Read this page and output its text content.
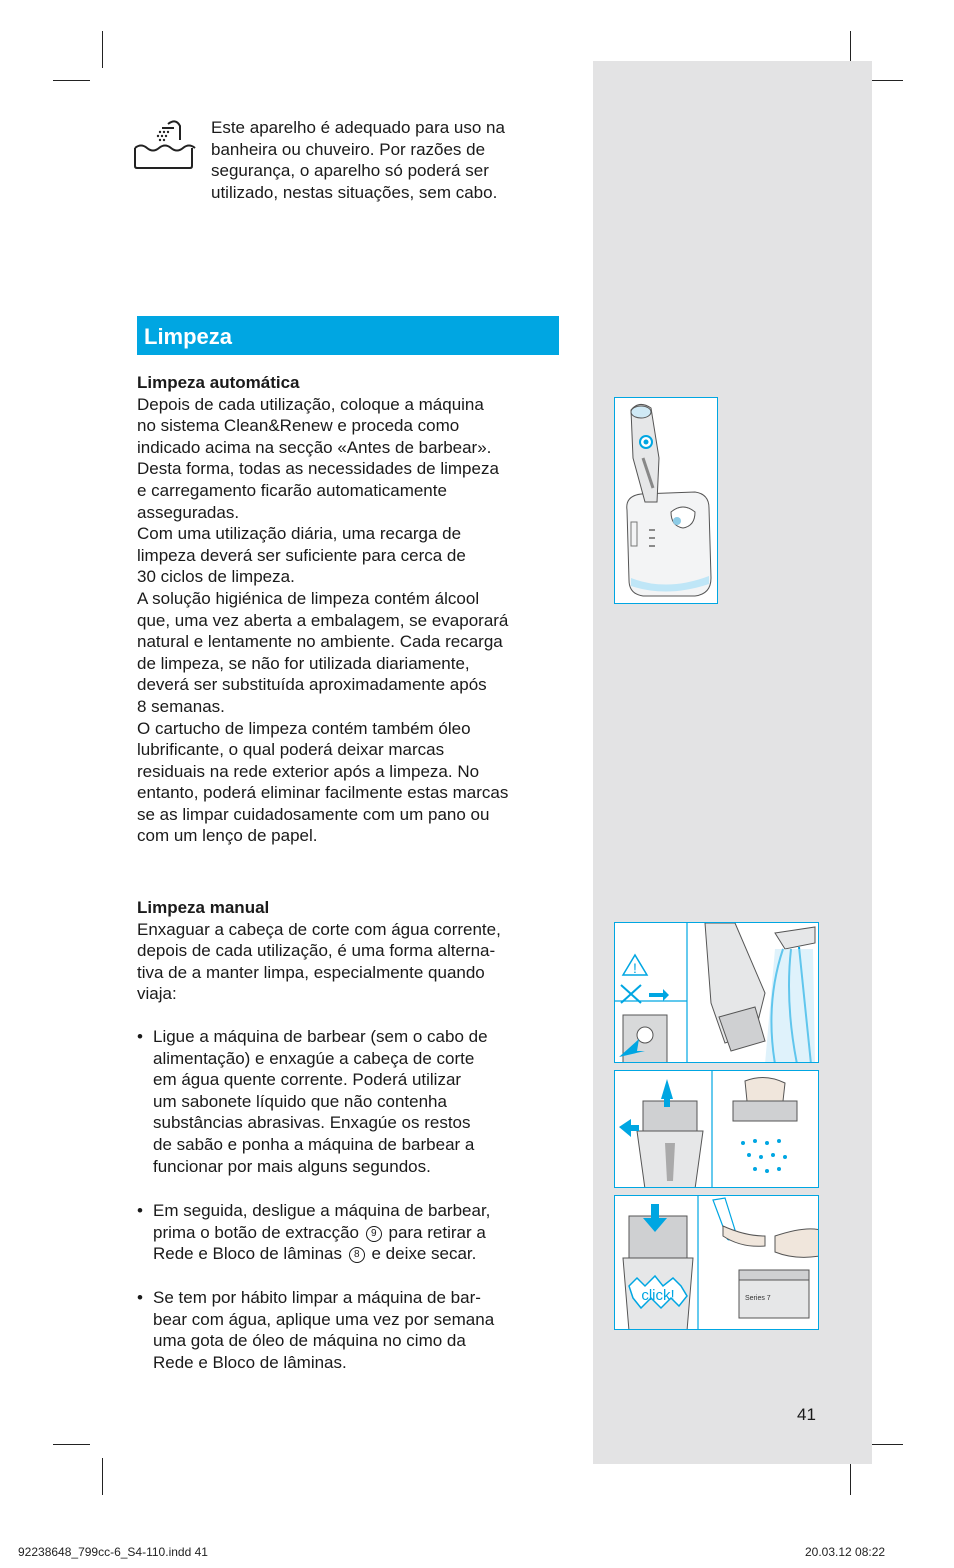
Este aparelho é adequado para uso na
banheira ou chuveiro. Por razões de
segurança, o aparelho só poderá ser
utilizado, nestas situações, sem cabo.
Limpeza

Limpeza automática

Depois de cada utilização, coloque a máquina

no sistema Clean&Renew e proceda como

indicado acima na secção «Antes de barbear».

Desta forma, todas as necessidades de limpeza

e carregamento ficarão automaticamente

asseguradas.

Com uma utilização diária, uma recarga de

limpeza deverá ser suficiente para cerca de

30 ciclos de limpeza.

A solução higiénica de limpeza contém álcool

que, uma vez aberta a embalagem, se evaporará

natural e lentamente no ambiente. Cada recarga

de limpeza, se não for utilizada diariamente,

deverá ser substituída aproximadamente após

8 semanas.

O cartucho de limpeza contém também óleo

lubrificante, o qual poderá deixar marcas

residuais na rede exterior após a limpeza. No

entanto, poderá eliminar facilmente estas marcas

se as limpar cuidadosamente com um pano ou

com um lenço de papel.

Limpeza manual

Enxaguar a cabeça de corte com água corrente,

depois de cada utilização, é uma forma alterna-

tiva de a manter limpa, especialmente quando

viaja:

• Ligue a máquina de barbear (sem o cabo de
alimentação) e enxagúe a cabeça de corte
em água quente corrente. Poderá utilizar
um sabonete líquido que não contenha
substâncias abrasivas. Enxagúe os restos
de sabão e ponha a máquina de barbear a
funcionar por mais alguns segundos.
• Em seguida, desligue a máquina de barbear,
prima o botão de extracção 9 para retirar a
Rede e Bloco de lâminas 8 e deixe secar.
• Se tem por hábito limpar a máquina de bar-
bear com água, aplique uma vez por semana
uma gota de óleo de máquina no cimo da
Rede e Bloco de lâminas.
!
click!	Series 7
41
92238648_799cc-6_S4-110.indd 41	20.03.12 08:22
